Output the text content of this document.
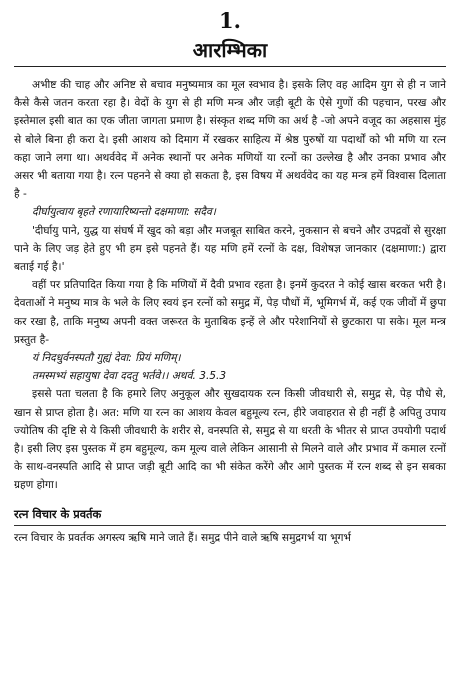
1.
आरम्भिका

अभीष्ट की चाह और अनिष्ट से बचाव मनुष्यमात्र का मूल स्वभाव है। इसके लिए वह आदिम युग से ही न जाने कैसे कैसे जतन करता रहा है। वेदों के युग से ही मणि मन्त्र और जड़ी बूटी के ऐसे गुणों की पहचान, परख और इस्तेमाल इसी बात का एक जीता जागता प्रमाण है। संस्कृत शब्द मणि का अर्थ है -जो अपने वजूद का अहसास मुंह से बोले बिना ही करा दे। इसी आशय को दिमाग में रखकर साहित्य में श्रेष्ठ पुरुषों या पदार्थों को भी मणि या रत्न कहा जाने लगा था। अथर्ववेद में अनेक स्थानों पर अनेक मणियों या रत्नों का उल्लेख है और उनका प्रभाव और असर भी बताया गया है। रत्न पहनने से क्या हो सकता है, इस विषय में अथर्ववेद का यह मन्त्र हमें विश्वास दिलाता है -

दीर्घायुत्वाय बृहते रणायारिष्यन्तो दक्षमाणा: सदैव।

'दीर्घायु पाने, युद्ध या संघर्ष में खुद को बड़ा और मजबूत साबित करने, नुकसान से बचने और उपद्रवों से सुरक्षा पाने के लिए जड़ हेते हुए भी हम इसे पहनते हैं। यह मणि हमें रत्नों के दक्ष, विशेषज्ञ जानकार (दक्षमाणा:) द्वारा बताई गई है।'

वहीं पर प्रतिपादित किया गया है कि मणियों में दैवी प्रभाव रहता है। इनमें कुदरत ने कोई खास बरकत भरी है।देवताओं ने मनुष्य मात्र के भले के लिए स्वयं इन रत्नों को समुद्र में, पेड़ पौधों में, भूमिगर्भ में, कई एक जीवों में छुपा कर रखा है, ताकि मनुष्य अपनी वक्त जरूरत के मुताबिक इन्हें ले और परेशानियों से छुटकारा पा सके। मूल मन्त्र प्रस्तुत है-

यं निदधुर्वनस्पतौ गुह्यं देवा: प्रियं मणिम्।

तमस्मभ्यं सहायुषा देवा ददतु भर्तवे।। अथर्व. 3.5.3

इससे पता चलता है कि हमारे लिए अनुकूल और सुखदायक रत्न किसी जीवधारी से, समुद्र से, पेड़ पौधे से, खान से प्राप्त होता है। अत: मणि या रत्न का आशय केवल बहुमूल्य रत्न, हीरे जवाहरात से ही नहीं है अपितु उपाय ज्योतिष की दृष्टि से ये किसी जीवधारी के शरीर से, वनस्पति से, समुद्र से या धरती के भीतर से प्राप्त उपयोगी पदार्थ है। इसी लिए इस पुस्तक में हम बहुमूल्य, कम मूल्य वाले लेकिन आसानी से मिलने वाले और प्रभाव में कमाल रत्नों के साथ-वनस्पति आदि से प्राप्त जड़ी बूटी आदि का भी संकेत करेंगे और आगे पुस्तक में रत्न शब्द से इन सबका ग्रहण होगा।

रत्न विचार के प्रवर्तक

रत्न विचार के प्रवर्तक अगस्त्य ऋषि माने जाते हैं। समुद्र पीने वाले ऋषि समुद्रगर्भ या भूगर्भ
